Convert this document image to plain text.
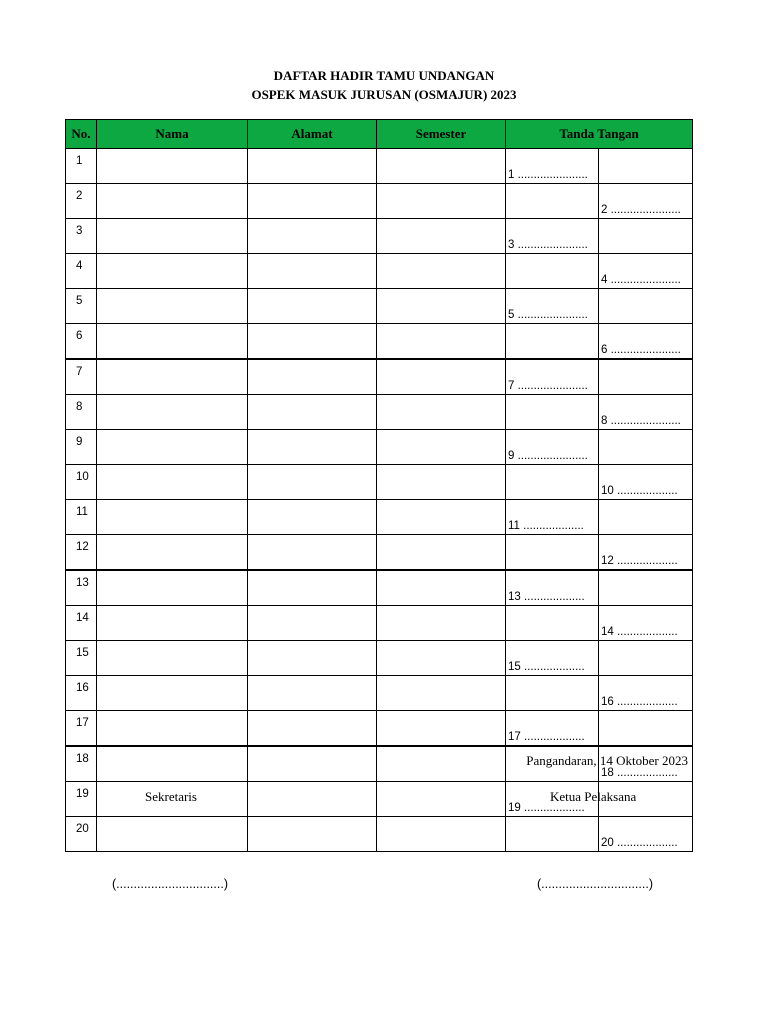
DAFTAR HADIR TAMU UNDANGAN
OSPEK MASUK JURUSAN (OSMAJUR) 2023
No.	Nama	Alamat	Semester	Tanda Tangan	
1				1 ......................	
2					2 ......................
3				3 ......................	
4					4 ......................
5				5 ......................	
6					6 ......................
7				7 ......................	
8					8 ......................
9				9 ......................	
10					10 ...................
11				11 ...................	
12					12 ...................
13				13 ...................	
14					14 ...................
15				15 ...................	
16					16 ...................
17				17 ...................	
18					18 ...................
19				19 ...................	
20					20 ...................
Pangandaran, 14 Oktober 2023
Sekretaris	Ketua Pelaksana
(...............................)	(...............................)
